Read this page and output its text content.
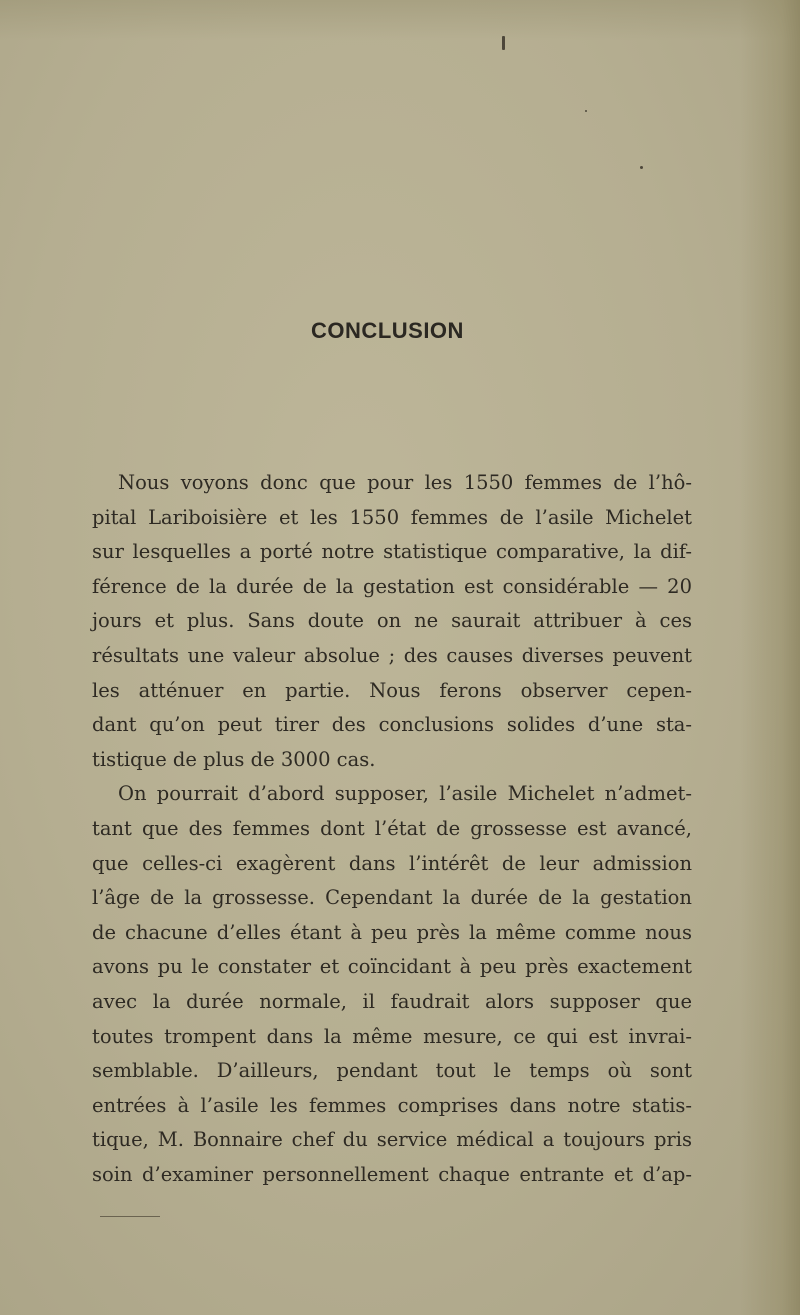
CONCLUSION
Nous voyons donc que pour les 1550 femmes de l’hô-
pital Lariboisière et les 1550 femmes de l’asile Michelet
sur lesquelles a porté notre statistique comparative, la dif-
férence de la durée de la gestation est considérable — 20
jours et plus. Sans doute on ne saurait attribuer à ces
résultats une valeur absolue ; des causes diverses peuvent
les atténuer en partie. Nous ferons observer cepen-
dant qu’on peut tirer des conclusions solides d’une sta-
tistique de plus de 3000 cas.
On pourrait d’abord supposer, l’asile Michelet n’admet-
tant que des femmes dont l’état de grossesse est avancé,
que celles-ci exagèrent dans l’intérêt de leur admission
l’âge de la grossesse. Cependant la durée de la gestation
de chacune d’elles étant à peu près la même comme nous
avons pu le constater et coïncidant à peu près exactement
avec la durée normale, il faudrait alors supposer que
toutes trompent dans la même mesure, ce qui est invrai-
semblable. D’ailleurs, pendant tout le temps où sont
entrées à l’asile les femmes comprises dans notre statis-
tique, M. Bonnaire chef du service médical a toujours pris
soin d’examiner personnellement chaque entrante et d’ap-
